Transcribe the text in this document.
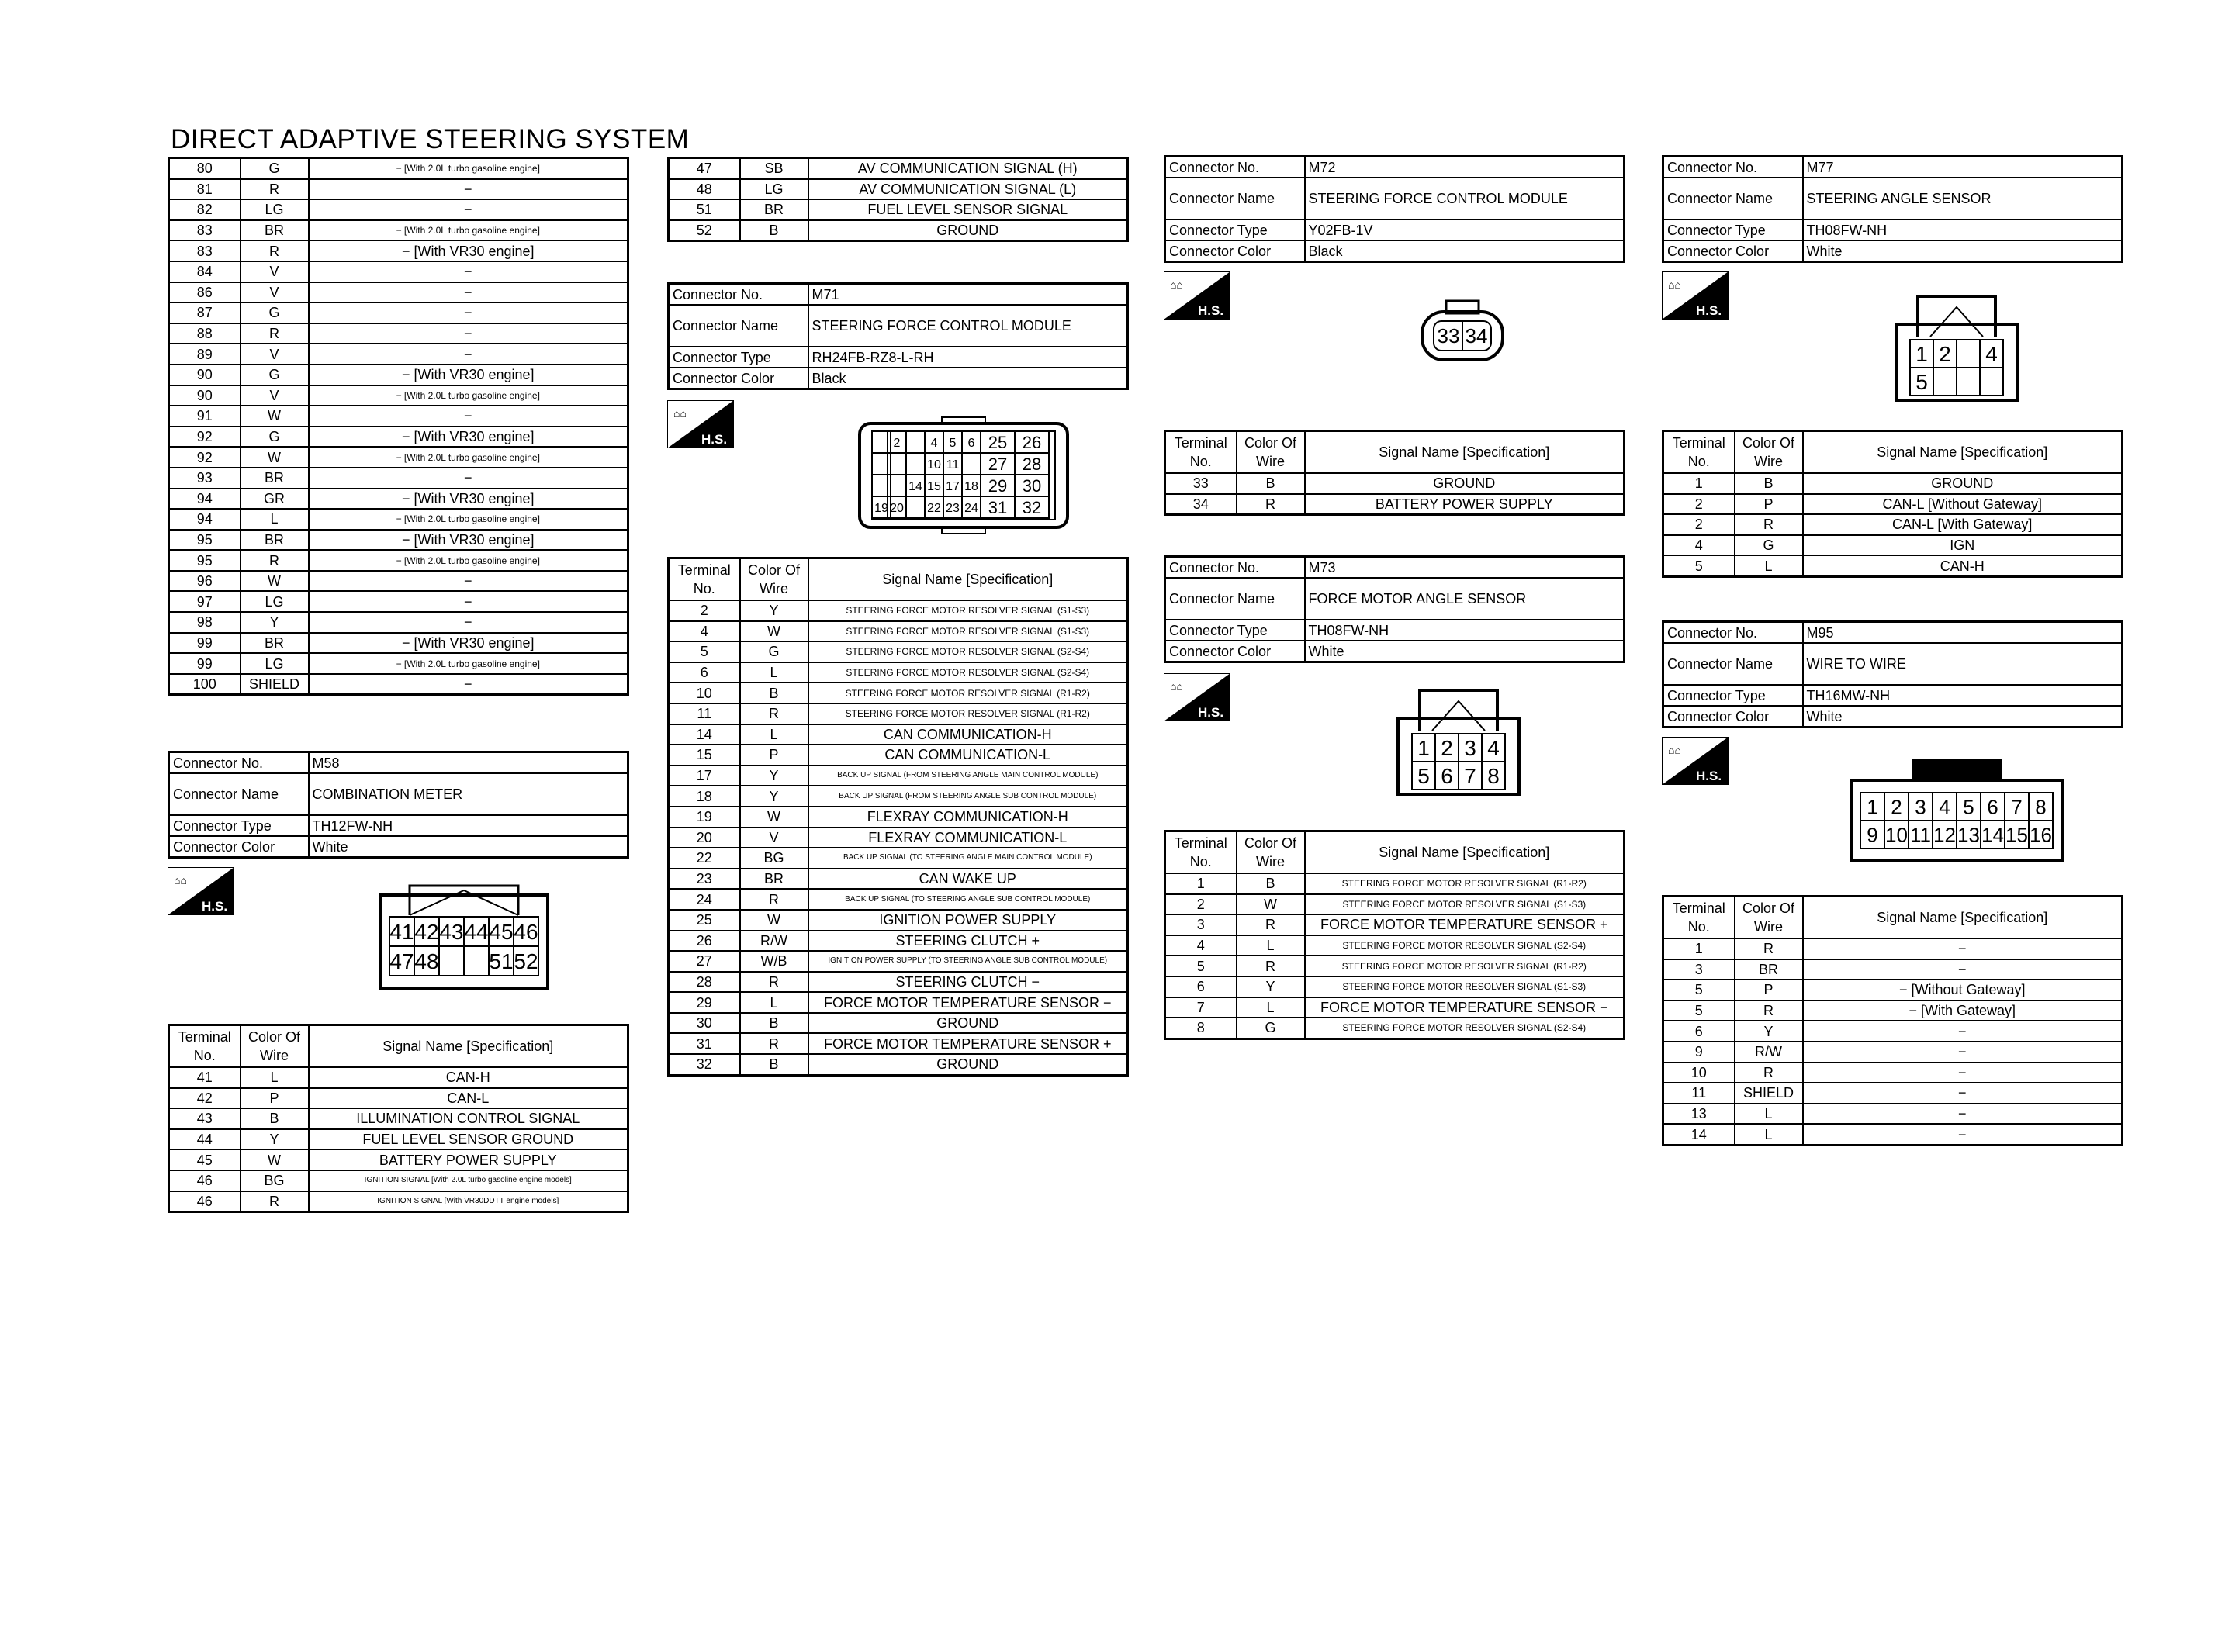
DIRECT ADAPTIVE STEERING SYSTEM
80	G	− [With 2.0L turbo gasoline engine]
81	R	−
82	LG	−
83	BR	− [With 2.0L turbo gasoline engine]
83	R	− [With VR30 engine]
84	V	−
86	V	−
87	G	−
88	R	−
89	V	−
90	G	− [With VR30 engine]
90	V	− [With 2.0L turbo gasoline engine]
91	W	−
92	G	− [With VR30 engine]
92	W	− [With 2.0L turbo gasoline engine]
93	BR	−
94	GR	− [With VR30 engine]
94	L	− [With 2.0L turbo gasoline engine]
95	BR	− [With VR30 engine]
95	R	− [With 2.0L turbo gasoline engine]
96	W	−
97	LG	−
98	Y	−
99	BR	− [With VR30 engine]
99	LG	− [With 2.0L turbo gasoline engine]
100	SHIELD	−
Connector No.	M58
Connector Name	COMBINATION METER
Connector Type	TH12FW-NH
Connector Color	White
⌂⌂
H.S.
41 42 43 44 45 46
47 48 51 52
Terminal No.	Color Of Wire	Signal Name [Specification]
41	L	CAN-H
42	P	CAN-L
43	B	ILLUMINATION CONTROL SIGNAL
44	Y	FUEL LEVEL SENSOR GROUND
45	W	BATTERY POWER SUPPLY
46	BG	IGNITION SIGNAL [With 2.0L turbo gasoline engine models]
46	R	IGNITION SIGNAL [With VR30DDTT engine models]
47	SB	AV COMMUNICATION SIGNAL (H)
48	LG	AV COMMUNICATION SIGNAL (L)
51	BR	FUEL LEVEL SENSOR SIGNAL
52	B	GROUND
Connector No.	M71
Connector Name	STEERING FORCE CONTROL MODULE
Connector Type	RH24FB-RZ8-L-RH
Connector Color	Black
⌂⌂
H.S.	2 4 5 6 25 26
10 11 27 28
14 15 17 18 29 30
19 20 22 23 24 31 32
Terminal No.	Color Of Wire	Signal Name [Specification]
2	Y	STEERING FORCE MOTOR RESOLVER SIGNAL (S1-S3)
4	W	STEERING FORCE MOTOR RESOLVER SIGNAL (S1-S3)
5	G	STEERING FORCE MOTOR RESOLVER SIGNAL (S2-S4)
6	L	STEERING FORCE MOTOR RESOLVER SIGNAL (S2-S4)
10	B	STEERING FORCE MOTOR RESOLVER SIGNAL (R1-R2)
11	R	STEERING FORCE MOTOR RESOLVER SIGNAL (R1-R2)
14	L	CAN COMMUNICATION-H
15	P	CAN COMMUNICATION-L
17	Y	BACK UP SIGNAL (FROM STEERING ANGLE MAIN CONTROL MODULE)
18	Y	BACK UP SIGNAL (FROM STEERING ANGLE SUB CONTROL MODULE)
19	W	FLEXRAY COMMUNICATION-H
20	V	FLEXRAY COMMUNICATION-L
22	BG	BACK UP SIGNAL (TO STEERING ANGLE MAIN CONTROL MODULE)
23	BR	CAN WAKE UP
24	R	BACK UP SIGNAL (TO STEERING ANGLE SUB CONTROL MODULE)
25	W	IGNITION POWER SUPPLY
26	R/W	STEERING CLUTCH +
27	W/B	IGNITION POWER SUPPLY (TO STEERING ANGLE SUB CONTROL MODULE)
28	R	STEERING CLUTCH −
29	L	FORCE MOTOR TEMPERATURE SENSOR −
30	B	GROUND
31	R	FORCE MOTOR TEMPERATURE SENSOR +
32	B	GROUND
Connector No.	M72
Connector Name	STEERING FORCE CONTROL MODULE
Connector Type	Y02FB-1V
Connector Color	Black
⌂⌂
H.S.
33 34
Terminal No.	Color Of Wire	Signal Name [Specification]
33	B	GROUND
34	R	BATTERY POWER SUPPLY
Connector No.	M73
Connector Name	FORCE MOTOR ANGLE SENSOR
Connector Type	TH08FW-NH
Connector Color	White
⌂⌂
H.S.
1 2 3 4
5 6 7 8
Terminal No.	Color Of Wire	Signal Name [Specification]
1	B	STEERING FORCE MOTOR RESOLVER SIGNAL (R1-R2)
2	W	STEERING FORCE MOTOR RESOLVER SIGNAL (S1-S3)
3	R	FORCE MOTOR TEMPERATURE SENSOR +
4	L	STEERING FORCE MOTOR RESOLVER SIGNAL (S2-S4)
5	R	STEERING FORCE MOTOR RESOLVER SIGNAL (R1-R2)
6	Y	STEERING FORCE MOTOR RESOLVER SIGNAL (S1-S3)
7	L	FORCE MOTOR TEMPERATURE SENSOR −
8	G	STEERING FORCE MOTOR RESOLVER SIGNAL (S2-S4)
Connector No.	M77
Connector Name	STEERING ANGLE SENSOR
Connector Type	TH08FW-NH
Connector Color	White
⌂⌂
H.S.
1 2 4
5
Terminal No.	Color Of Wire	Signal Name [Specification]
1	B	GROUND
2	P	CAN-L [Without Gateway]
2	R	CAN-L [With Gateway]
4	G	IGN
5	L	CAN-H
Connector No.	M95
Connector Name	WIRE TO WIRE
Connector Type	TH16MW-NH
Connector Color	White
⌂⌂
H.S.
1 2 3 4 5 6 7 8
9 10 11 12 13 14 15 16
Terminal No.	Color Of Wire	Signal Name [Specification]
1	R	−
3	BR	−
5	P	− [Without Gateway]
5	R	− [With Gateway]
6	Y	−
9	R/W	−
10	R	−
11	SHIELD	−
13	L	−
14	L	−
